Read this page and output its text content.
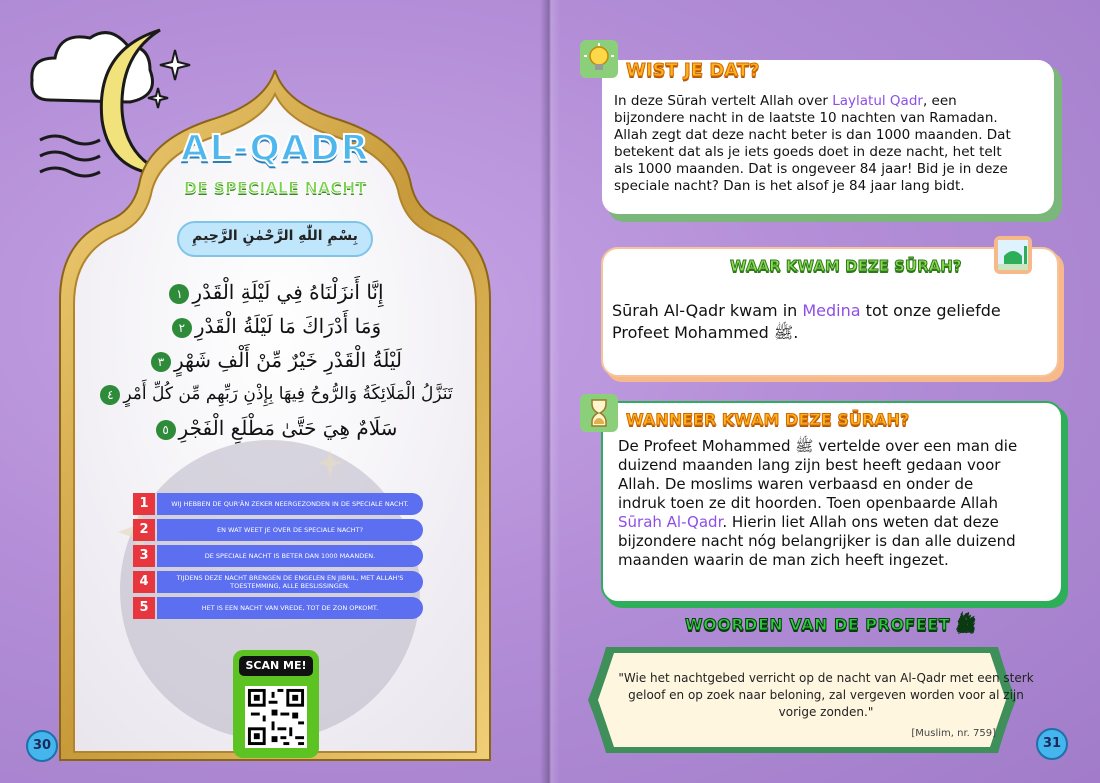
AL-QADR
DE SPECIALE NACHT
بِسْمِ اللّٰهِ الرَّحْمٰنِ الرَّحِيمِ
إِنَّا أَنزَلْنَاهُ فِي لَيْلَةِ الْقَدْرِ١
وَمَا أَدْرَاكَ مَا لَيْلَةُ الْقَدْرِ٢
لَيْلَةُ الْقَدْرِ خَيْرٌ مِّنْ أَلْفِ شَهْرٍ٣
تَنَزَّلُ الْمَلَائِكَةُ وَالرُّوحُ فِيهَا بِإِذْنِ رَبِّهِم مِّن كُلِّ أَمْرٍ٤
سَلَامٌ هِيَ حَتَّىٰ مَطْلَعِ الْفَجْرِ٥
1	WIJ HEBBEN DE QUR'ÂN ZEKER NEERGEZONDEN IN DE SPECIALE NACHT.
2	EN WAT WEET JE OVER DE SPECIALE NACHT?
3	DE SPECIALE NACHT IS BETER DAN 1000 MAANDEN.
4	TIJDENS DEZE NACHT BRENGEN DE ENGELEN EN JIBRIL, MET ALLAH'S TOESTEMMING, ALLE BESLISSINGEN.
5	HET IS EEN NACHT VAN VREDE, TOT DE ZON OPKOMT.
SCAN ME!
30
WIST JE DAT?
In deze Sūrah vertelt Allah over Laylatul Qadr, een bijzondere nacht in de laatste 10 nachten van Ramadan. Allah zegt dat deze nacht beter is dan 1000 maanden. Dat betekent dat als je iets goeds doet in deze nacht, het telt als 1000 maanden. Dat is ongeveer 84 jaar! Bid je in deze speciale nacht? Dan is het alsof je 84 jaar lang bidt.
WAAR KWAM DEZE SŪRAH?
Sūrah Al-Qadr kwam in Medina tot onze geliefde Profeet Mohammed ﷺ.
WANNEER KWAM DEZE SŪRAH?
De Profeet Mohammed ﷺ vertelde over een man die duizend maanden lang zijn best heeft gedaan voor Allah. De moslims waren verbaasd en onder de indruk toen ze dit hoorden. Toen openbaarde Allah Sūrah Al-Qadr. Hierin liet Allah ons weten dat deze bijzondere nacht nóg belangrijker is dan alle duizend maanden waarin de man zich heeft ingezet.
WOORDEN VAN DE PROFEET ﷺ
"Wie het nachtgebed verricht op de nacht van Al-Qadr met een sterk geloof en op zoek naar beloning, zal vergeven worden voor al zijn vorige zonden."
[Muslim, nr. 759]
31
